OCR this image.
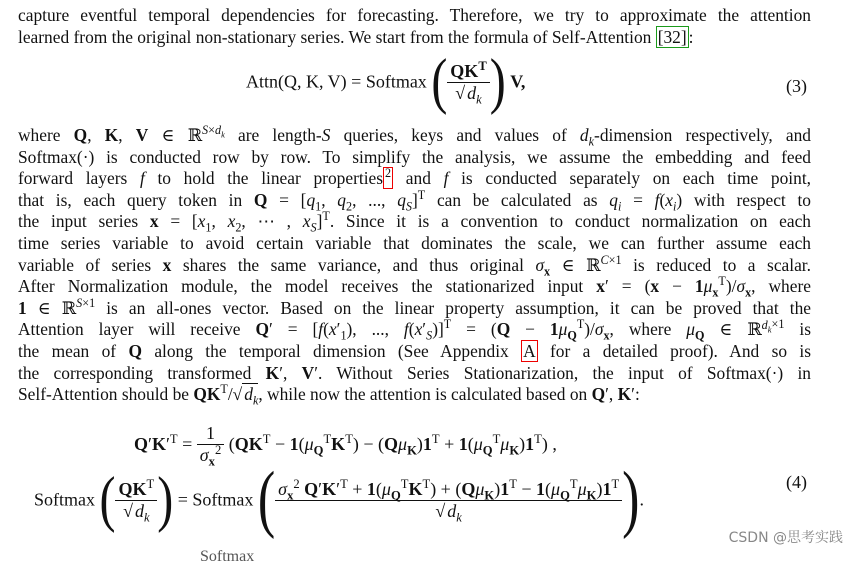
capture eventful temporal dependencies for forecasting. Therefore, we try to approximate the attention
learned from the original non-stationary series. We start from the formula of Self-Attention [32] :
Attn(Q, K, V) = Softmax ( $\frac{QK^T}{√ d_k}$ ) V,	(3)
where Q, K, V ∈ ℝ$^{S\times d_k}$ are length-S queries, keys and values of $d_k$-dimension respectively, and
Softmax(·) is conducted row by row. To simplify the analysis, we assume the embedding and feed
forward layers f to hold the linear properties $^2$ and f is conducted separately on each time point,
that is, each query token in $Q = [q_1$, $q_2$, ..., $q_S]^T$ can be calculated as $q_i = f(x_i)$ with respect to
the input series $x = [x_1$, $x_2$, ⋯ , $x_S]^T$. Since it is a convention to conduct normalization on each
time series variable to avoid certain variable that dominates the scale, we can further assume each
variable of series x shares the same variance, and thus original $\sigma_x$ ∈ ℝ$^{C\times 1}$ is reduced to a scalar.
After Normalization module, the model receives the stationarized input $x' = (x - 1\mu_x^T)/\sigma_x$, where
1 ∈ ℝ$^{S\times 1}$ is an all-ones vector. Based on the linear property assumption, it can be proved that the
Attention layer will receive $Q' = [f(x'_1)$, ..., $f(x'_S)]^T = (Q - 1\mu_Q^T)/\sigma_x$, where $\mu_Q$ ∈ ℝ$^{d_k\times 1}$ is
the mean of Q along the temporal dimension (See Appendix A for a detailed proof). And so is
the corresponding transformed K′, V′. Without Series Stationarization, the input of Softmax(·) in
Self-Attention should be $QK^T/√$ $d_k$, while now the attention is calculated based on Q′, K′:
$Q'K'^T = \frac{1}{\sigma_x^2} (QK^T - 1(\mu_Q^TK^T) - (Q\mu_K)1^T + 1(\mu_Q^T\mu_K)1^T)$ ,
Softmax ( $\frac{QK^T}{√ d_k}$ ) = Softmax ( $\frac{\sigma_x^2 Q'K'^T + 1(\mu_Q^TK^T) + (Q\mu_K)1^T - 1(\mu_Q^T\mu_K)1^T}{√ d_k}$ ).
(4)
Softmax
CSDN @思考实践
